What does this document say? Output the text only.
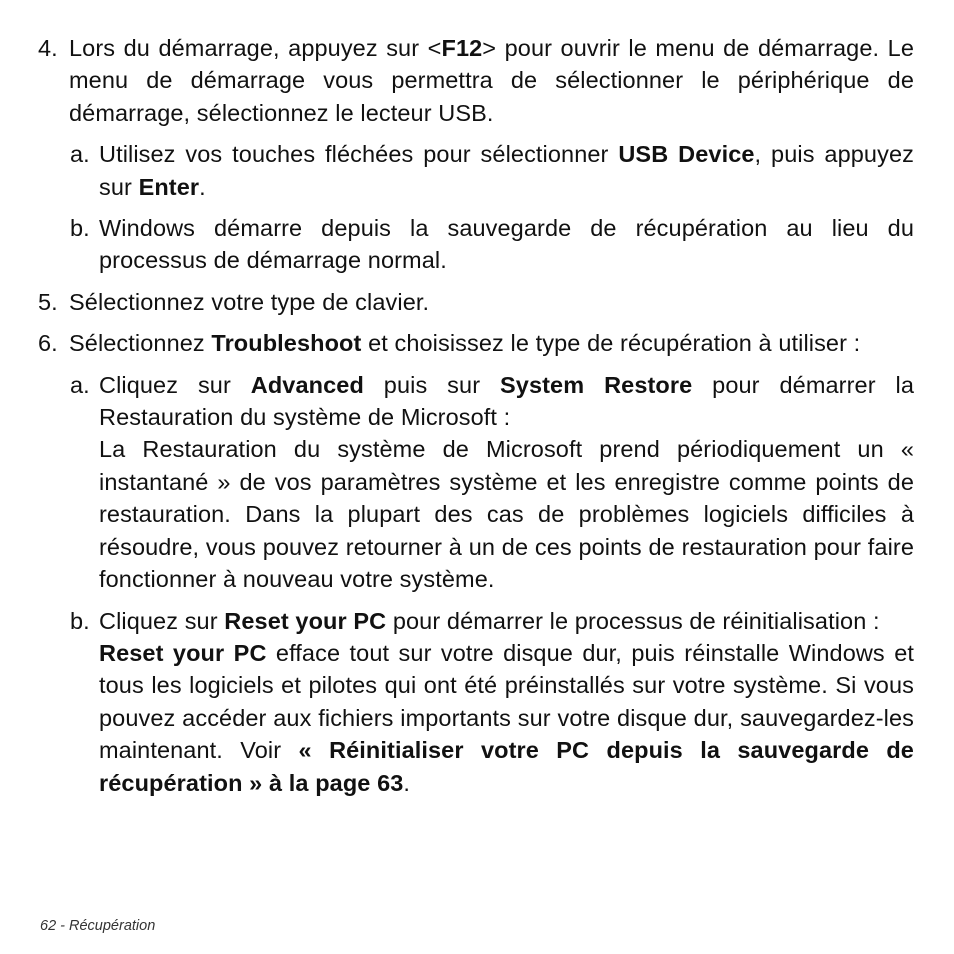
4. Lors du démarrage, appuyez sur <F12> pour ouvrir le menu de démarrage. Le menu de démarrage vous permettra de sélectionner le périphérique de démarrage, sélectionnez le lecteur USB.
a. Utilisez vos touches fléchées pour sélectionner USB Device, puis appuyez sur Enter.
b. Windows démarre depuis la sauvegarde de récupération au lieu du processus de démarrage normal.
5. Sélectionnez votre type de clavier.
6. Sélectionnez Troubleshoot et choisissez le type de récupération à utiliser :
a. Cliquez sur Advanced puis sur System Restore pour démarrer la Restauration du système de Microsoft :

La Restauration du système de Microsoft prend périodiquement un « instantané » de vos paramètres système et les enregistre comme points de restauration. Dans la plupart des cas de problèmes logiciels difficiles à résoudre, vous pouvez retourner à un de ces points de restauration pour faire fonctionner à nouveau votre système.

b. Cliquez sur Reset your PC pour démarrer le processus de réinitialisation :

Reset your PC efface tout sur votre disque dur, puis réinstalle Windows et tous les logiciels et pilotes qui ont été préinstallés sur votre système. Si vous pouvez accéder aux fichiers importants sur votre disque dur, sauvegardez-les maintenant. Voir « Réinitialiser votre PC depuis la sauvegarde de récupération » à la page 63.

62 - Récupération
